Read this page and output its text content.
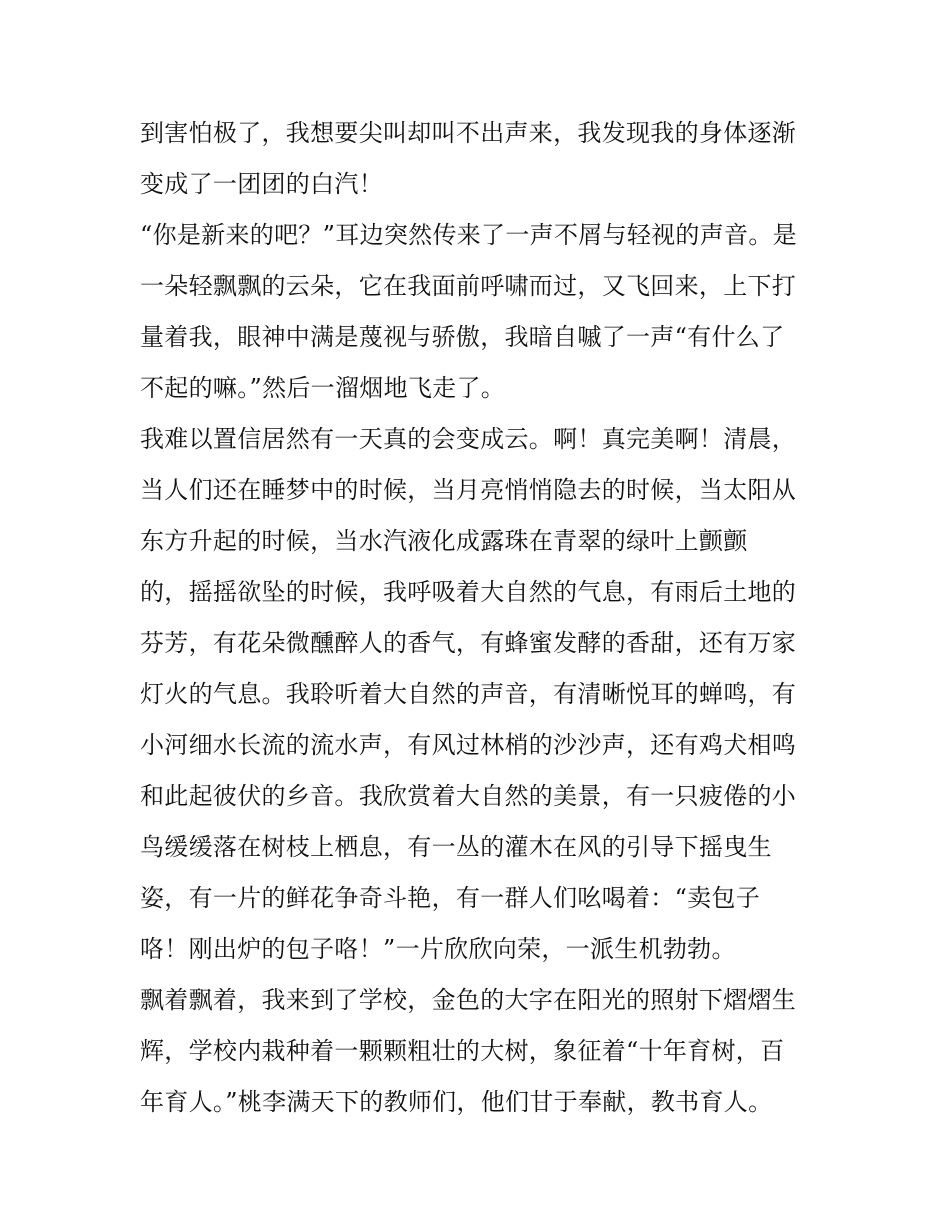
到害怕极了，我想要尖叫却叫不出声来，我发现我的身体逐渐
变成了一团团的白汽！
“你是新来的吧？”耳边突然传来了一声不屑与轻视的声音。是
一朵轻飘飘的云朵，它在我面前呼啸而过，又飞回来，上下打
量着我，眼神中满是蔑视与骄傲，我暗自嘁了一声“有什么了
不起的嘛。”然后一溜烟地飞走了。
我难以置信居然有一天真的会变成云。啊！真完美啊！清晨，
当人们还在睡梦中的时候，当月亮悄悄隐去的时候，当太阳从
东方升起的时候，当水汽液化成露珠在青翠的绿叶上颤颤
的，摇摇欲坠的时候，我呼吸着大自然的气息，有雨后土地的
芬芳，有花朵微醺醉人的香气，有蜂蜜发酵的香甜，还有万家
灯火的气息。我聆听着大自然的声音，有清晰悦耳的蝉鸣，有
小河细水长流的流水声，有风过林梢的沙沙声，还有鸡犬相鸣
和此起彼伏的乡音。我欣赏着大自然的美景，有一只疲倦的小
鸟缓缓落在树枝上栖息，有一丛的灌木在风的引导下摇曳生
姿，有一片的鲜花争奇斗艳，有一群人们吆喝着：“卖包子
咯！刚出炉的包子咯！”一片欣欣向荣，一派生机勃勃。
飘着飘着，我来到了学校，金色的大字在阳光的照射下熠熠生
辉，学校内栽种着一颗颗粗壮的大树，象征着“十年育树，百
年育人。”桃李满天下的教师们，他们甘于奉献，教书育人。
